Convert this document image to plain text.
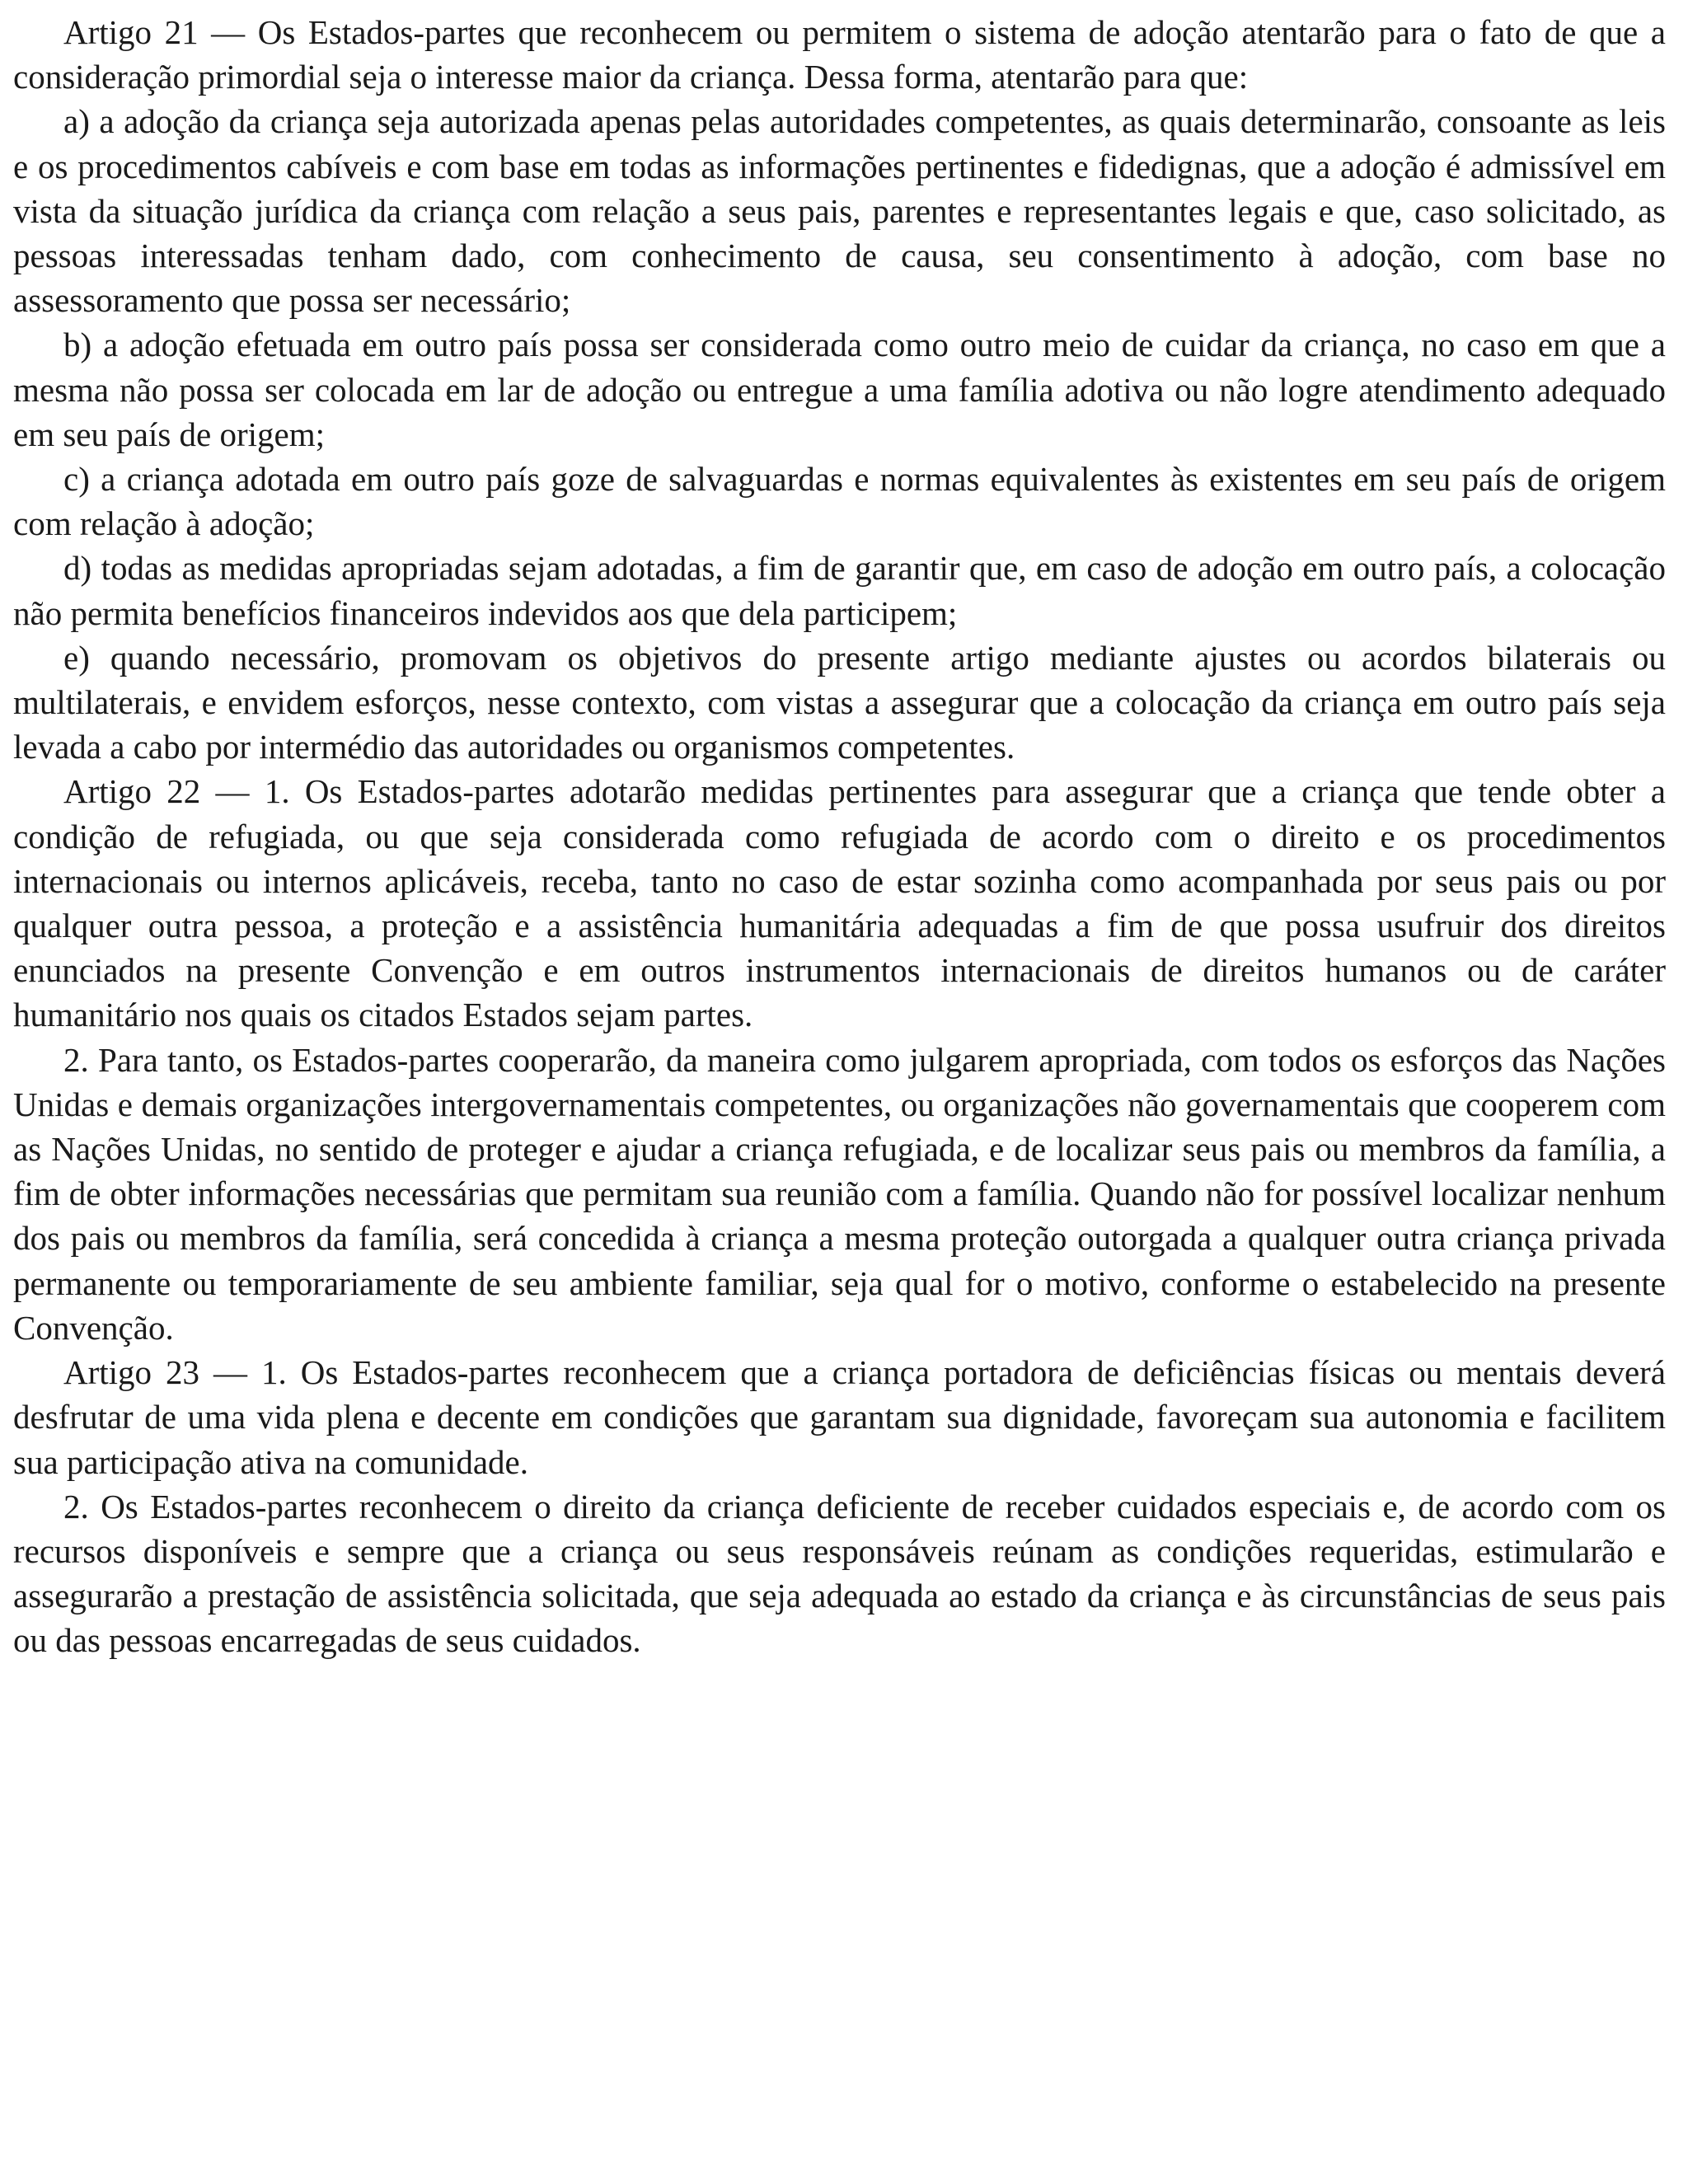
Artigo 21 — Os Estados-partes que reconhecem ou permitem o sistema de adoção atentarão para o fato de que a consideração primordial seja o interesse maior da criança. Dessa forma, atentarão para que:

a) a adoção da criança seja autorizada apenas pelas autoridades competentes, as quais determinarão, consoante as leis e os procedimentos cabíveis e com base em todas as informações pertinentes e fidedignas, que a adoção é admissível em vista da situação jurídica da criança com relação a seus pais, parentes e representantes legais e que, caso solicitado, as pessoas interessadas tenham dado, com conhecimento de causa, seu consentimento à adoção, com base no assessoramento que possa ser necessário;

b) a adoção efetuada em outro país possa ser considerada como outro meio de cuidar da criança, no caso em que a mesma não possa ser colocada em lar de adoção ou entregue a uma família adotiva ou não logre atendimento adequado em seu país de origem;

c) a criança adotada em outro país goze de salvaguardas e normas equivalentes às existentes em seu país de origem com relação à adoção;

d) todas as medidas apropriadas sejam adotadas, a fim de garantir que, em caso de adoção em outro país, a colocação não permita benefícios financeiros indevidos aos que dela participem;

e) quando necessário, promovam os objetivos do presente artigo mediante ajustes ou acordos bilaterais ou multilaterais, e envidem esforços, nesse contexto, com vistas a assegurar que a colocação da criança em outro país seja levada a cabo por intermédio das autoridades ou organismos competentes.

Artigo 22 — 1. Os Estados-partes adotarão medidas pertinentes para assegurar que a criança que tende obter a condição de refugiada, ou que seja considerada como refugiada de acordo com o direito e os procedimentos internacionais ou internos aplicáveis, receba, tanto no caso de estar sozinha como acompanhada por seus pais ou por qualquer outra pessoa, a proteção e a assistência humanitária adequadas a fim de que possa usufruir dos direitos enunciados na presente Convenção e em outros instrumentos internacionais de direitos humanos ou de caráter humanitário nos quais os citados Estados sejam partes.

2. Para tanto, os Estados-partes cooperarão, da maneira como julgarem apropriada, com todos os esforços das Nações Unidas e demais organizações intergovernamentais competentes, ou organizações não governamentais que cooperem com as Nações Unidas, no sentido de proteger e ajudar a criança refugiada, e de localizar seus pais ou membros da família, a fim de obter informações necessárias que permitam sua reunião com a família. Quando não for possível localizar nenhum dos pais ou membros da família, será concedida à criança a mesma proteção outorgada a qualquer outra criança privada permanente ou temporariamente de seu ambiente familiar, seja qual for o motivo, conforme o estabelecido na presente Convenção.

Artigo 23 — 1. Os Estados-partes reconhecem que a criança portadora de deficiências físicas ou mentais deverá desfrutar de uma vida plena e decente em condições que garantam sua dignidade, favoreçam sua autonomia e facilitem sua participação ativa na comunidade.

2. Os Estados-partes reconhecem o direito da criança deficiente de receber cuidados especiais e, de acordo com os recursos disponíveis e sempre que a criança ou seus responsáveis reúnam as condições requeridas, estimularão e assegurarão a prestação de assistência solicitada, que seja adequada ao estado da criança e às circunstâncias de seus pais ou das pessoas encarregadas de seus cuidados.
